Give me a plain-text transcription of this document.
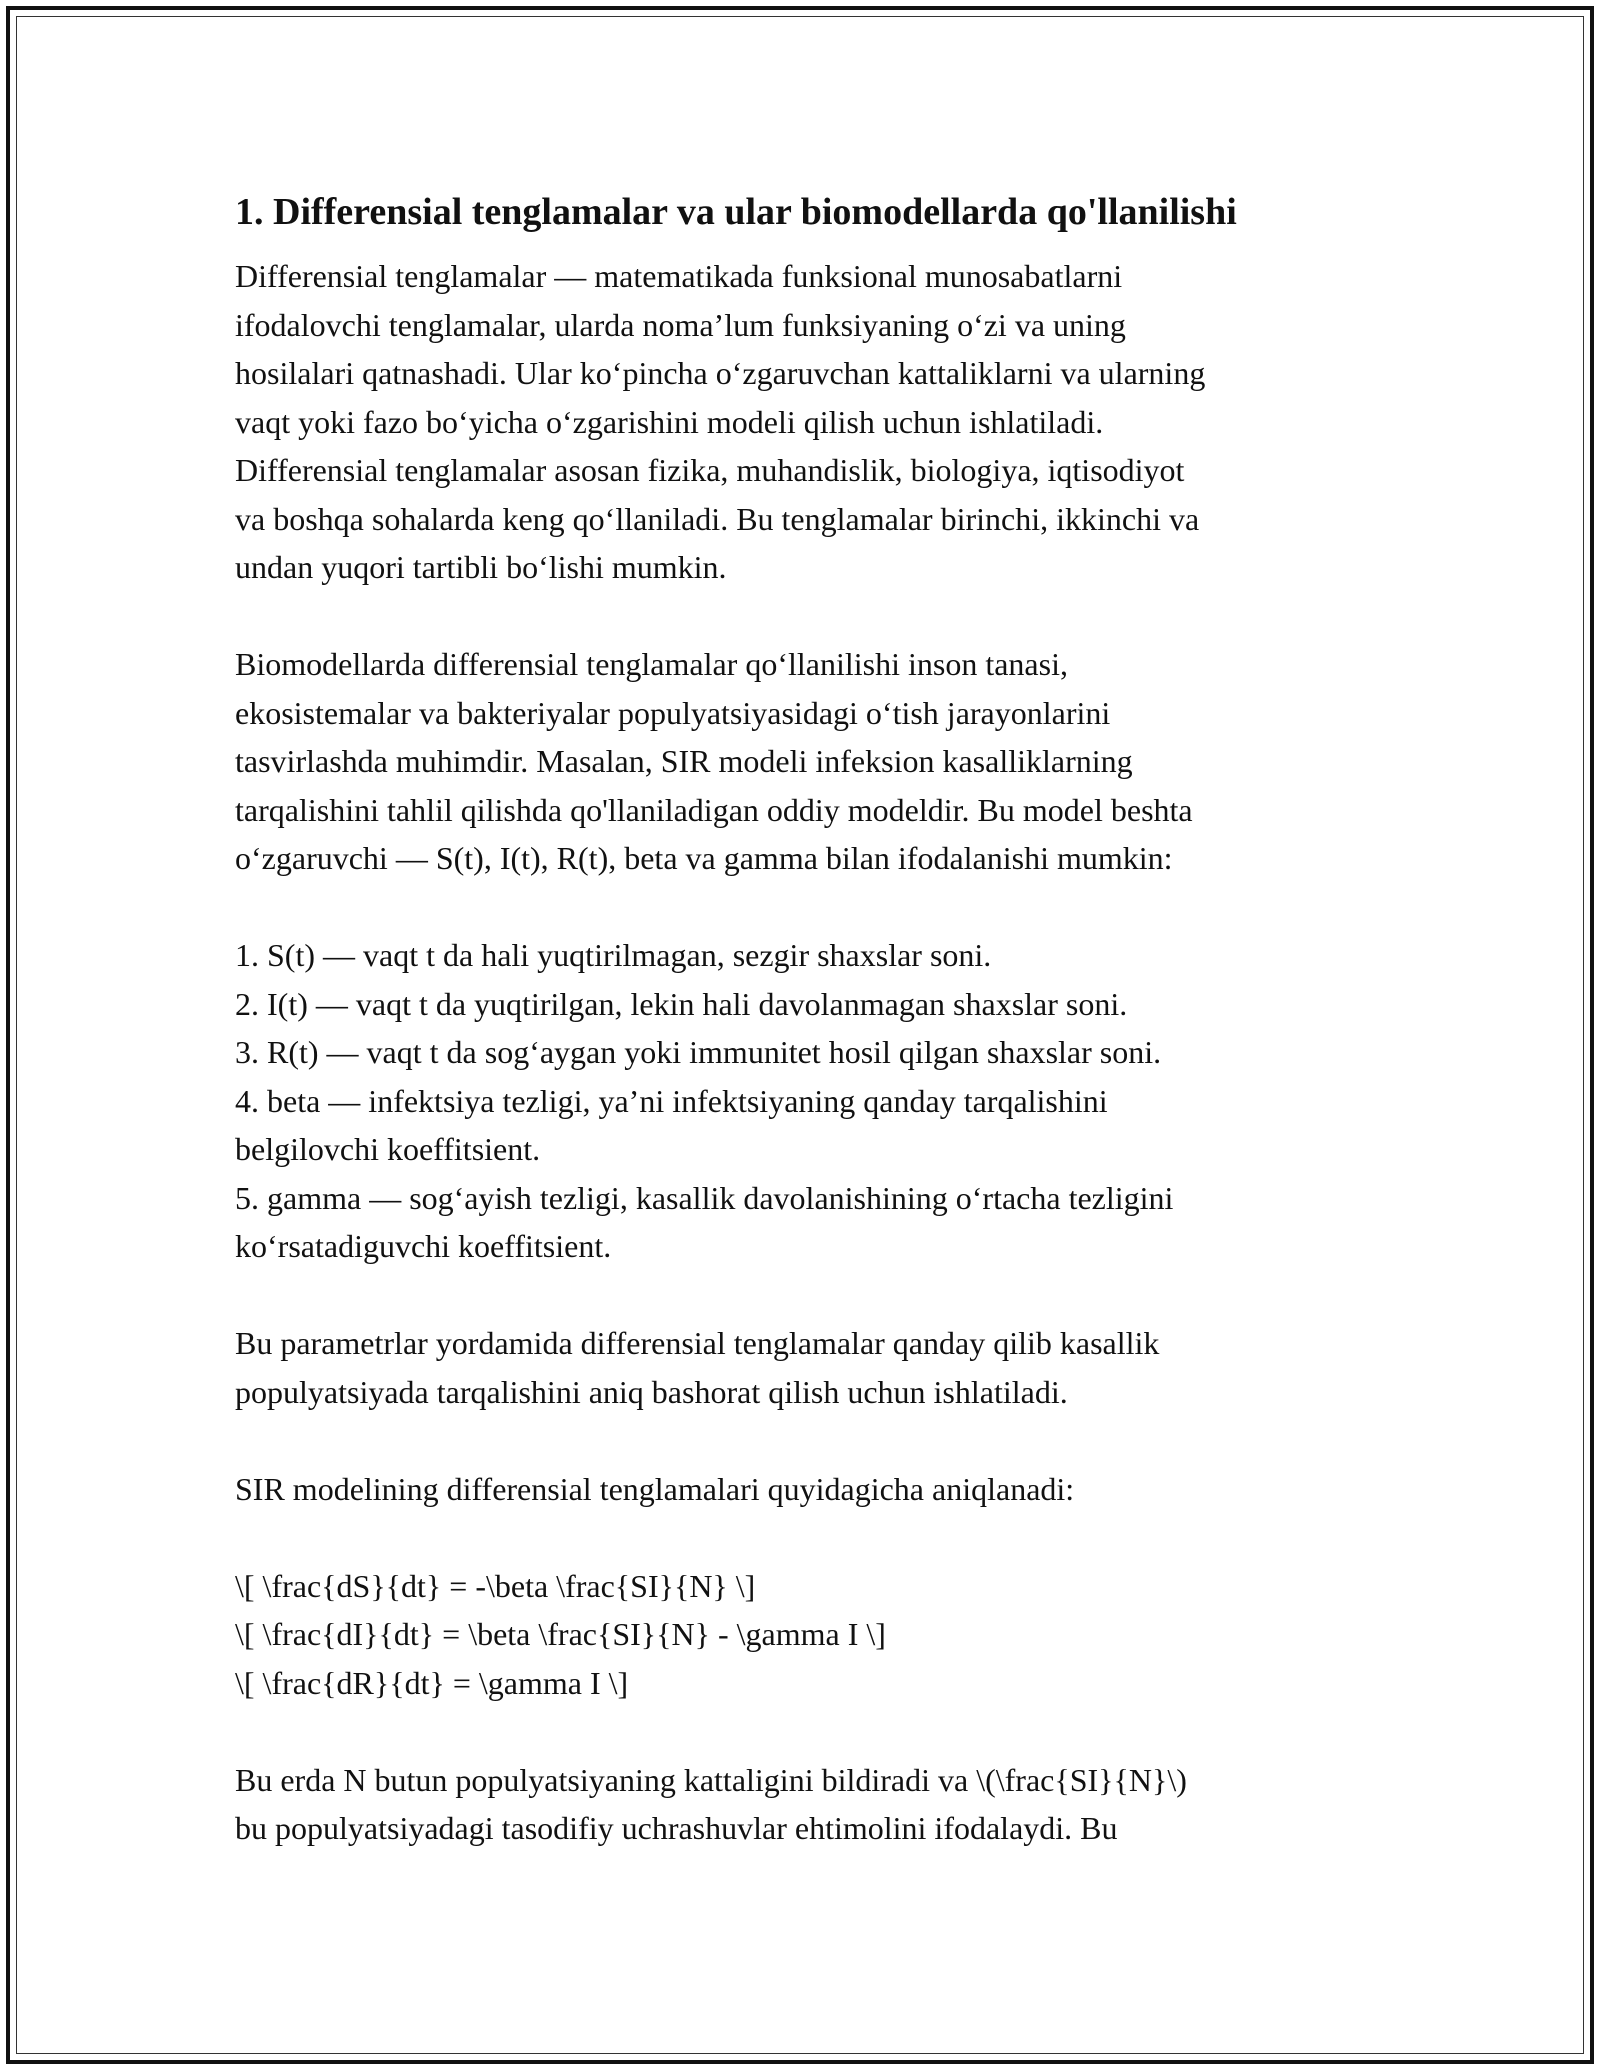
1. Differensial tenglamalar va ular biomodellarda qo'llanilishi

Differensial tenglamalar — matematikada funksional munosabatlarni
ifodalovchi tenglamalar, ularda noma’lum funksiyaning o‘zi va uning
hosilalari qatnashadi. Ular ko‘pincha o‘zgaruvchan kattaliklarni va ularning
vaqt yoki fazo bo‘yicha o‘zgarishini modeli qilish uchun ishlatiladi.
Differensial tenglamalar asosan fizika, muhandislik, biologiya, iqtisodiyot
va boshqa sohalarda keng qo‘llaniladi. Bu tenglamalar birinchi, ikkinchi va
undan yuqori tartibli bo‘lishi mumkin.

Biomodellarda differensial tenglamalar qo‘llanilishi inson tanasi,
ekosistemalar va bakteriyalar populyatsiyasidagi o‘tish jarayonlarini
tasvirlashda muhimdir. Masalan, SIR modeli infeksion kasalliklarning
tarqalishini tahlil qilishda qo'llaniladigan oddiy modeldir. Bu model beshta
o‘zgaruvchi — S(t), I(t), R(t), beta va gamma bilan ifodalanishi mumkin:

1. S(t) — vaqt t da hali yuqtirilmagan, sezgir shaxslar soni.
2. I(t) — vaqt t da yuqtirilgan, lekin hali davolanmagan shaxslar soni.
3. R(t) — vaqt t da sog‘aygan yoki immunitet hosil qilgan shaxslar soni.
4. beta — infektsiya tezligi, ya’ni infektsiyaning qanday tarqalishini
belgilovchi koeffitsient.
5. gamma — sog‘ayish tezligi, kasallik davolanishining o‘rtacha tezligini
ko‘rsatadiguvchi koeffitsient.

Bu parametrlar yordamida differensial tenglamalar qanday qilib kasallik
populyatsiyada tarqalishini aniq bashorat qilish uchun ishlatiladi.

SIR modelining differensial tenglamalari quyidagicha aniqlanadi:

\[ \frac{dS}{dt} = -\beta \frac{SI}{N} \]
\[ \frac{dI}{dt} = \beta \frac{SI}{N} - \gamma I \]
\[ \frac{dR}{dt} = \gamma I \]

Bu erda N butun populyatsiyaning kattaligini bildiradi va \(\frac{SI}{N}\)
bu populyatsiyadagi tasodifiy uchrashuvlar ehtimolini ifodalaydi. Bu
